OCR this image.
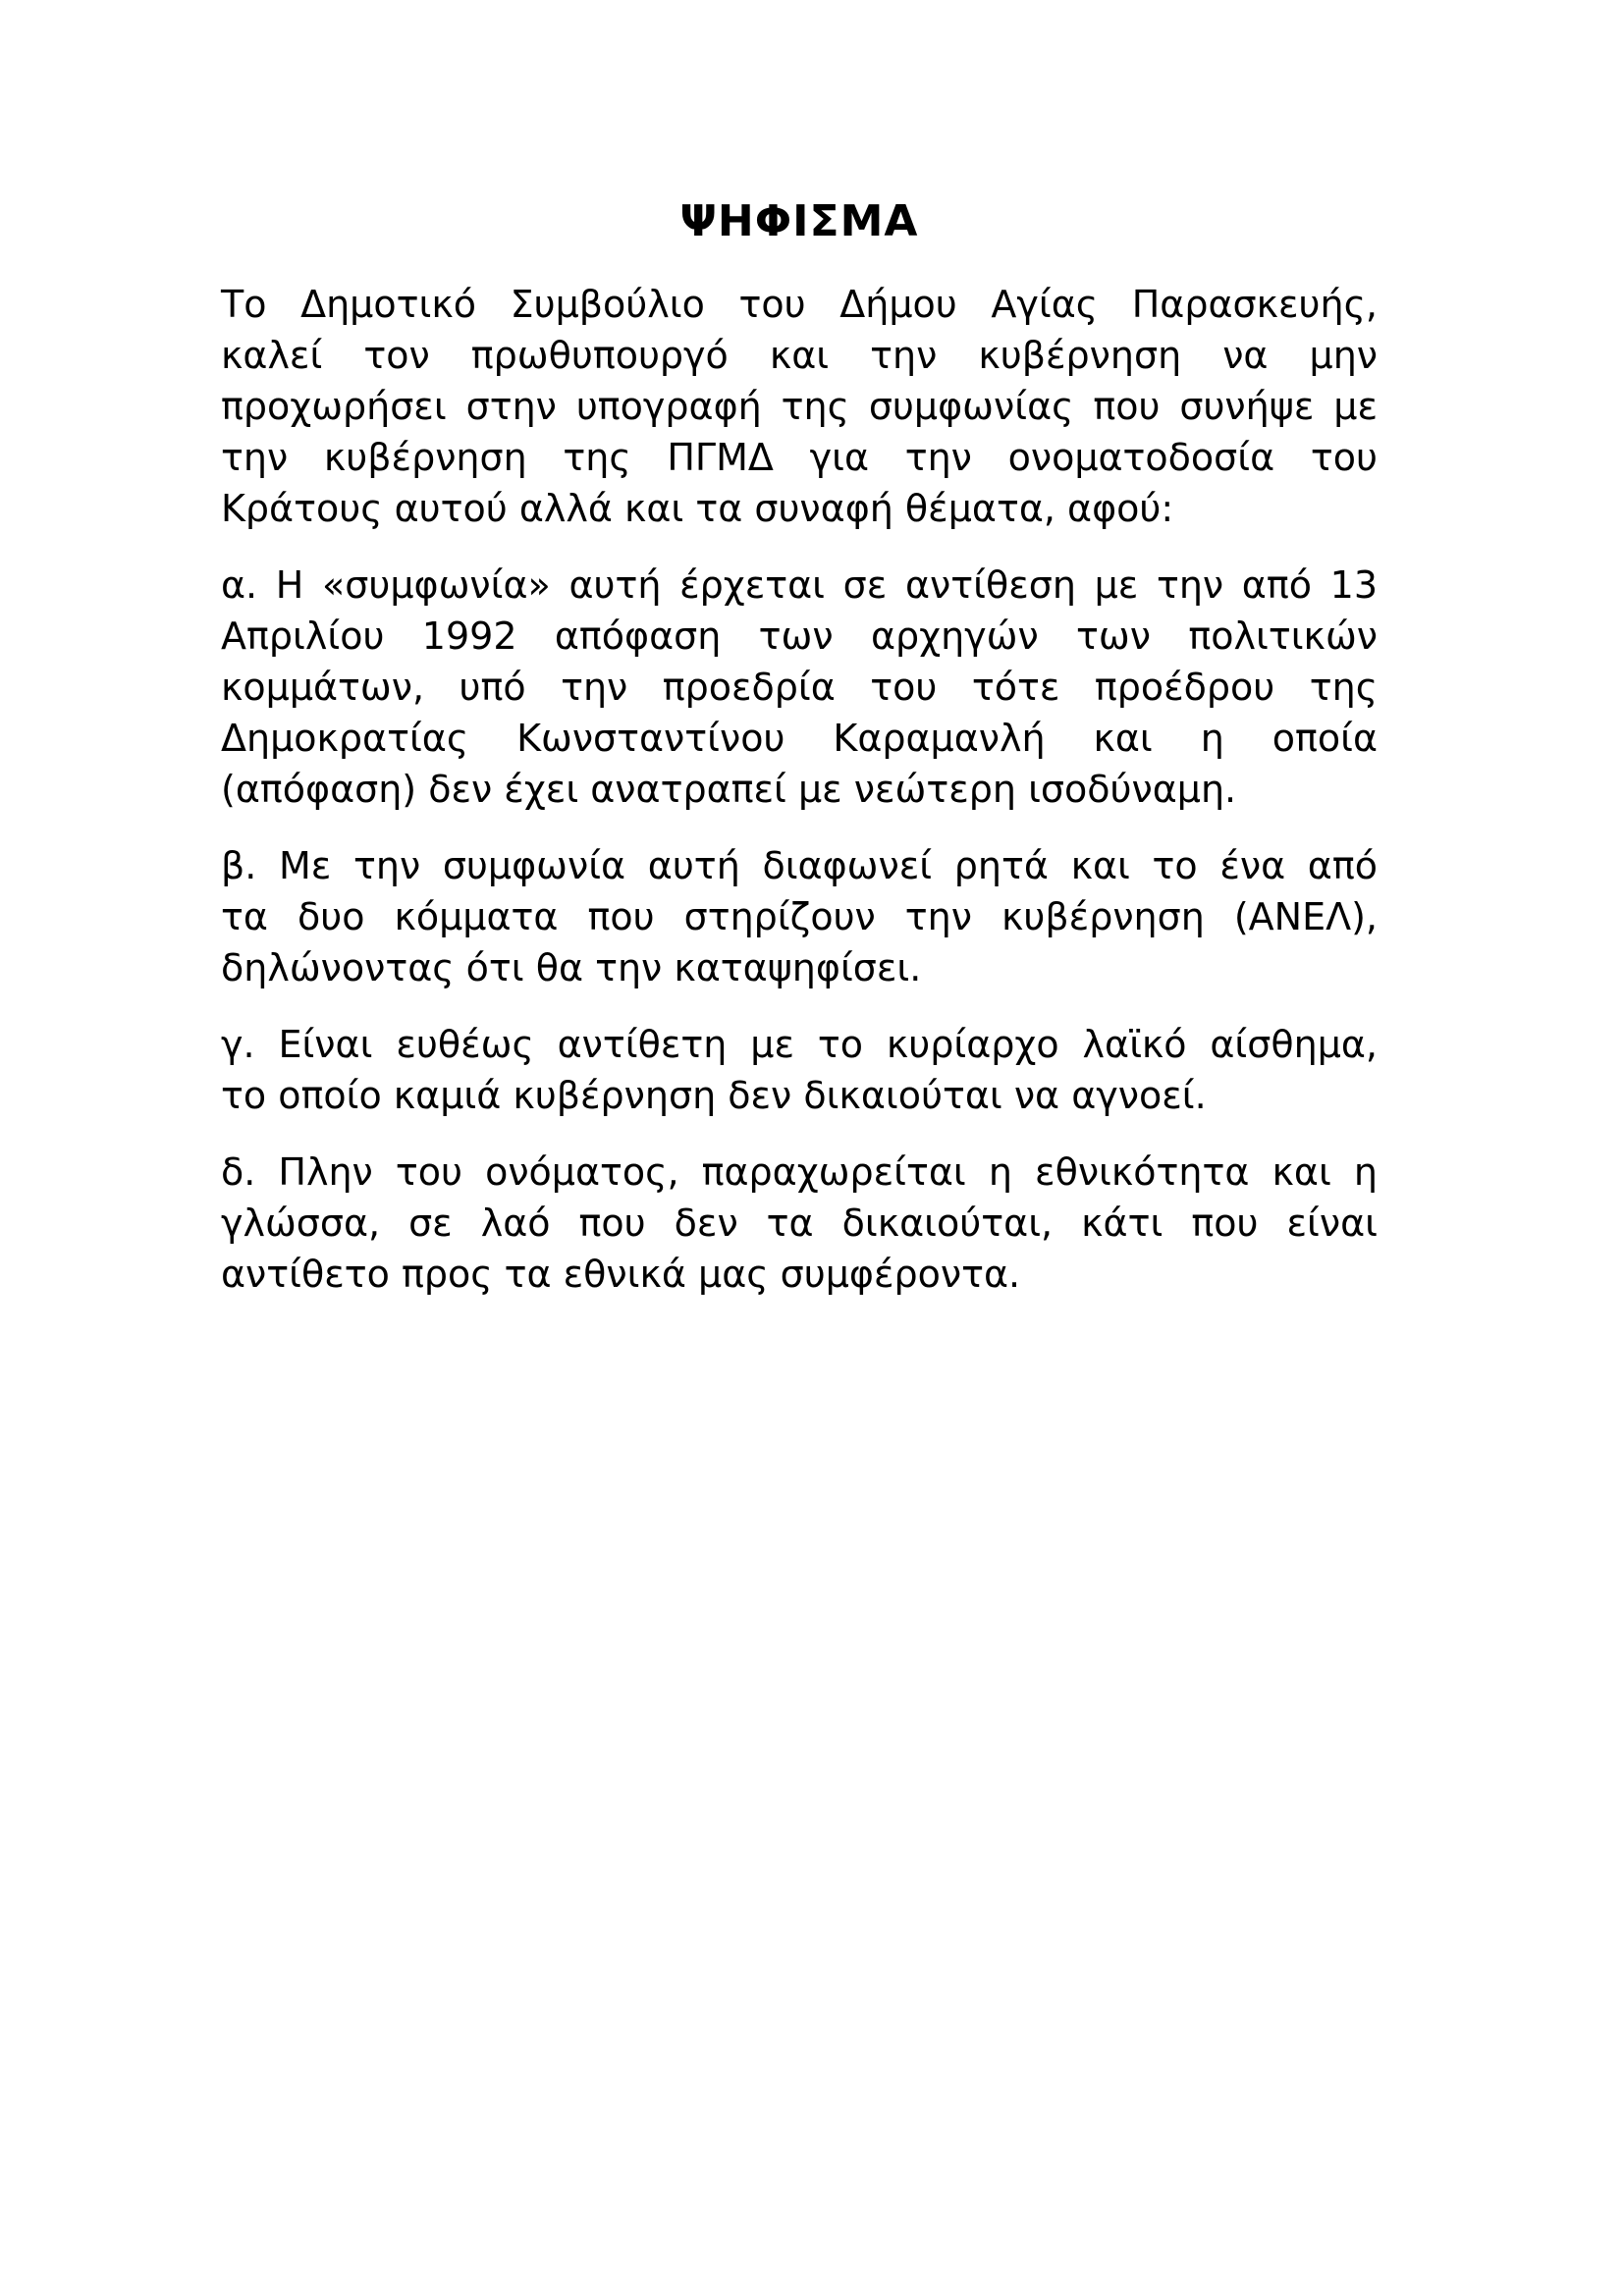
ΨΗΦΙΣΜΑ
Το Δημοτικό Συμβούλιο του Δήμου Αγίας Παρασκευής,
καλεί τον πρωθυπουργό και την κυβέρνηση να μην
προχωρήσει στην υπογραφή της συμφωνίας που συνήψε με
την κυβέρνηση της ΠΓΜΔ για την ονοματοδοσία του
Κράτους αυτού αλλά και τα συναφή θέματα, αφού:
α. Η «συμφωνία» αυτή έρχεται σε αντίθεση με την από 13
Απριλίου 1992 απόφαση των αρχηγών των πολιτικών
κομμάτων, υπό την προεδρία του τότε προέδρου της
Δημοκρατίας Κωνσταντίνου Καραμανλή και η οποία
(απόφαση) δεν έχει ανατραπεί με νεώτερη ισοδύναμη.
β. Με την συμφωνία αυτή διαφωνεί ρητά και το ένα από
τα δυο κόμματα που στηρίζουν την κυβέρνηση (ΑΝΕΛ),
δηλώνοντας ότι θα την καταψηφίσει.
γ. Είναι ευθέως αντίθετη με το κυρίαρχο λαϊκό αίσθημα,
το οποίο καμιά κυβέρνηση δεν δικαιούται να αγνοεί.
δ. Πλην του ονόματος, παραχωρείται η εθνικότητα και η
γλώσσα, σε λαό που δεν τα δικαιούται, κάτι που είναι
αντίθετο προς τα εθνικά μας συμφέροντα.
